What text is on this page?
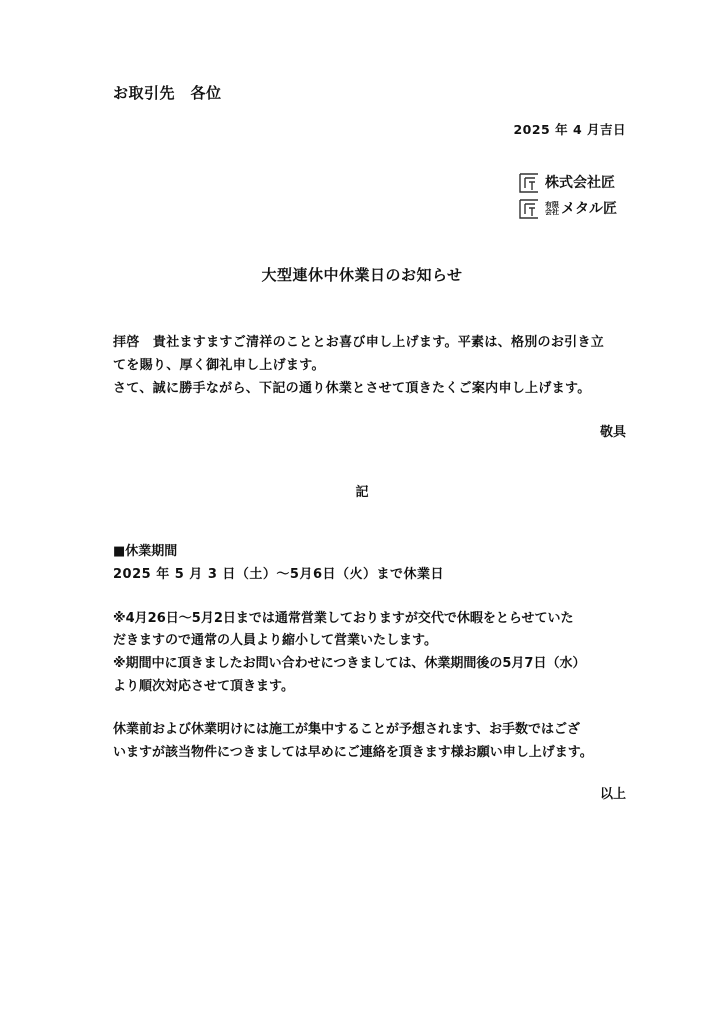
お取引先　各位

2025 年 4 月吉日

株式会社匠
有限会社 メタル匠

大型連休中休業日のお知らせ

拝啓　貴社ますますご清祥のこととお喜び申し上げます。平素は、格別のお引き立

てを賜り、厚く御礼申し上げます。

さて、誠に勝手ながら、下記の通り休業とさせて頂きたくご案内申し上げます。

敬具

記

■休業期間

2025 年 5 月 3 日（土）～5月6日（火）まで休業日

※4月26日～5月2日までは通常営業しておりますが交代で休暇をとらせていた

だきますので通常の人員より縮小して営業いたします。

※期間中に頂きましたお問い合わせにつきましては、休業期間後の5月7日（水）

より順次対応させて頂きます。

休業前および休業明けには施工が集中することが予想されます、お手数ではござ

いますが該当物件につきましては早めにご連絡を頂きます様お願い申し上げます。

以上
